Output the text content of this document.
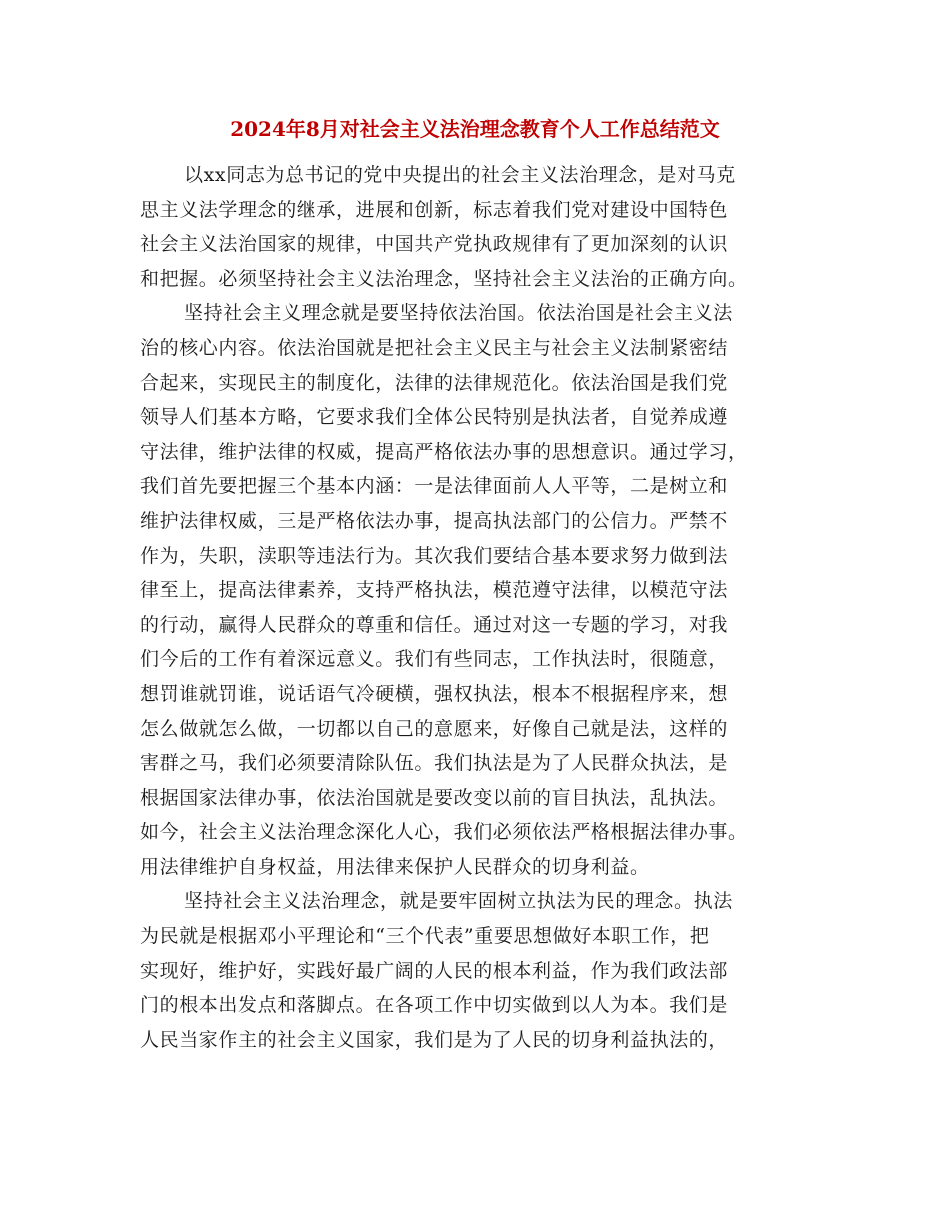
2024年8月对社会主义法治理念教育个人工作总结范文
以xx同志为总书记的党中央提出的社会主义法治理念，是对马克
思主义法学理念的继承，进展和创新，标志着我们党对建设中国特色
社会主义法治国家的规律，中国共产党执政规律有了更加深刻的认识
和把握。必须坚持社会主义法治理念，坚持社会主义法治的正确方向。
坚持社会主义理念就是要坚持依法治国。依法治国是社会主义法
治的核心内容。依法治国就是把社会主义民主与社会主义法制紧密结
合起来，实现民主的制度化，法律的法律规范化。依法治国是我们党
领导人们基本方略，它要求我们全体公民特别是执法者，自觉养成遵
守法律，维护法律的权威，提高严格依法办事的思想意识。通过学习，
我们首先要把握三个基本内涵：一是法律面前人人平等，二是树立和
维护法律权威，三是严格依法办事，提高执法部门的公信力。严禁不
作为，失职，渎职等违法行为。其次我们要结合基本要求努力做到法
律至上，提高法律素养，支持严格执法，模范遵守法律，以模范守法
的行动，赢得人民群众的尊重和信任。通过对这一专题的学习，对我
们今后的工作有着深远意义。我们有些同志，工作执法时，很随意，
想罚谁就罚谁，说话语气冷硬横，强权执法，根本不根据程序来，想
怎么做就怎么做，一切都以自己的意愿来，好像自己就是法，这样的
害群之马，我们必须要清除队伍。我们执法是为了人民群众执法，是
根据国家法律办事，依法治国就是要改变以前的盲目执法，乱执法。
如今，社会主义法治理念深化人心，我们必须依法严格根据法律办事。
用法律维护自身权益，用法律来保护人民群众的切身利益。
坚持社会主义法治理念，就是要牢固树立执法为民的理念。执法
为民就是根据邓小平理论和“三个代表”重要思想做好本职工作，把
实现好，维护好，实践好最广阔的人民的根本利益，作为我们政法部
门的根本出发点和落脚点。在各项工作中切实做到以人为本。我们是
人民当家作主的社会主义国家，我们是为了人民的切身利益执法的，
